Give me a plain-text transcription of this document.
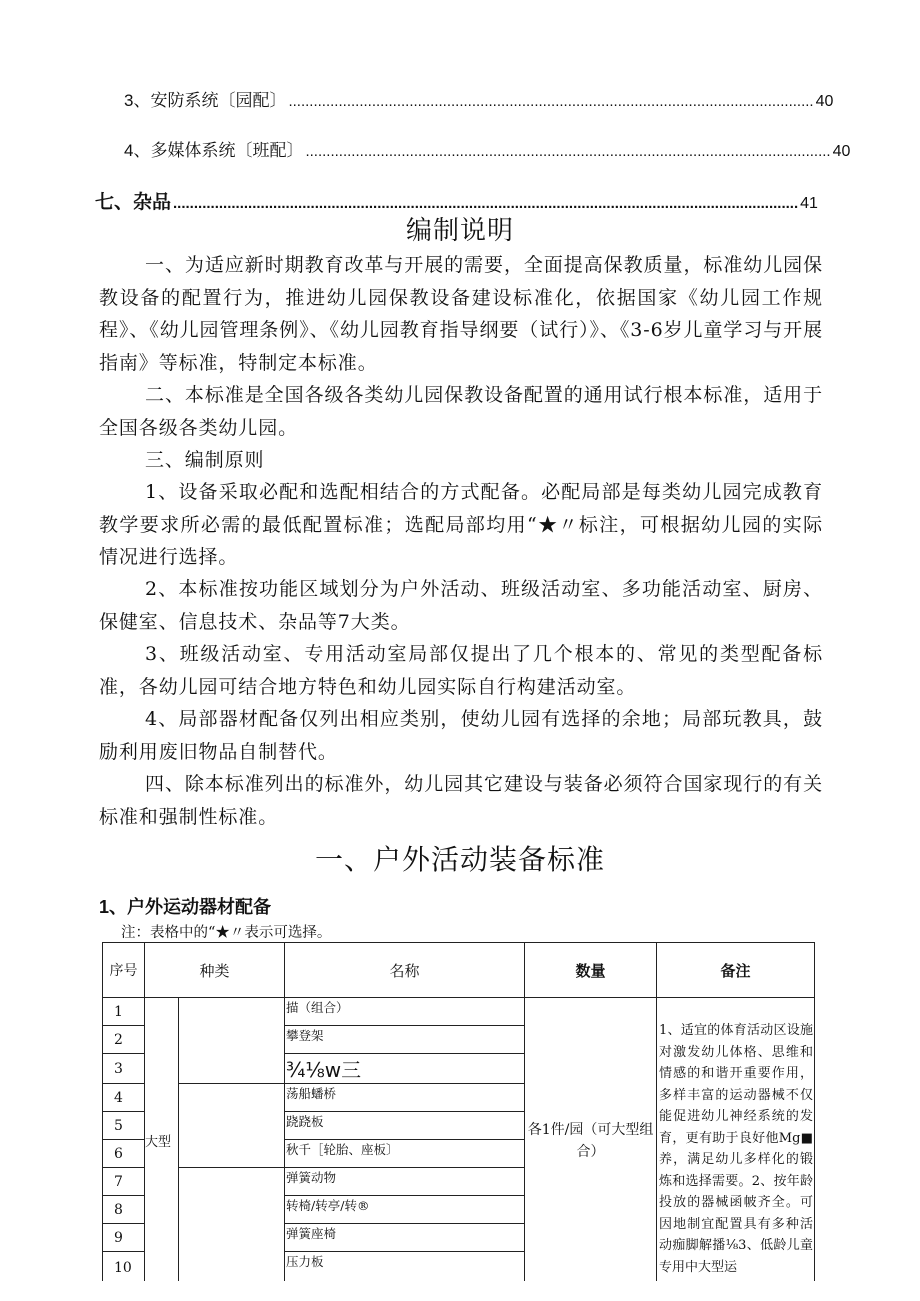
3、安防系统〔园配〕 .............................................................................................................................. 40
4、多媒体系统〔班配〕 .............................................................................................................................. 40
七、杂品 ...................................................................................................................................................... 41
编制说明
一、为适应新时期教育改革与开展的需要，全面提高保教质量，标准幼儿园保教设备的配置行为，推进幼儿园保教设备建设标准化，依据国家《幼儿园工作规程》、《幼儿园管理条例》、《幼儿园教育指导纲要（试行）》、《3-6岁儿童学习与开展指南》等标准，特制定本标准。
二、本标准是全国各级各类幼儿园保教设备配置的通用试行根本标准，适用于全国各级各类幼儿园。
三、编制原则
1、设备采取必配和选配相结合的方式配备。必配局部是每类幼儿园完成教育教学要求所必需的最低配置标准；选配局部均用“★〃标注，可根据幼儿园的实际情况进行选择。
2、本标准按功能区域划分为户外活动、班级活动室、多功能活动室、厨房、保健室、信息技术、杂品等7大类。
3、班级活动室、专用活动室局部仅提出了几个根本的、常见的类型配备标准，各幼儿园可结合地方特色和幼儿园实际自行构建活动室。
4、局部器材配备仅列出相应类别，使幼儿园有选择的余地；局部玩教具，鼓励利用废旧物品自制替代。
四、除本标准列出的标准外，幼儿园其它建设与装备必须符合国家现行的有关标准和强制性标准。
一、户外活动装备标准
1、户外运动器材配备
注：表格中的“★〃表示可选择。
序号	种类		名称	数量	备注
1	大型		描（组合）	各1件/园（可大型组合）	1、适宜的体育活动区设施对激发幼儿体格、思维和情感的和谐开重要作用，多样丰富的运动器械不仅能促进幼儿神经系统的发育，更有助于良好他Mg■养，满足幼儿多样化的锻炼和选择需要。2、按年龄投放的器械函帔齐全。可因地制宜配置具有多种活动痂脚解播⅛3、低龄儿童专用中大型运
2			攀登架		
3			¾⅛w三		
4			荡船蟠桥		
5			跷跷板		
6			秋千［轮胎、座板〕		
7			弹簧动物		
8			转椅/转亭/转®		
9			弹簧座椅		
10			压力板		
